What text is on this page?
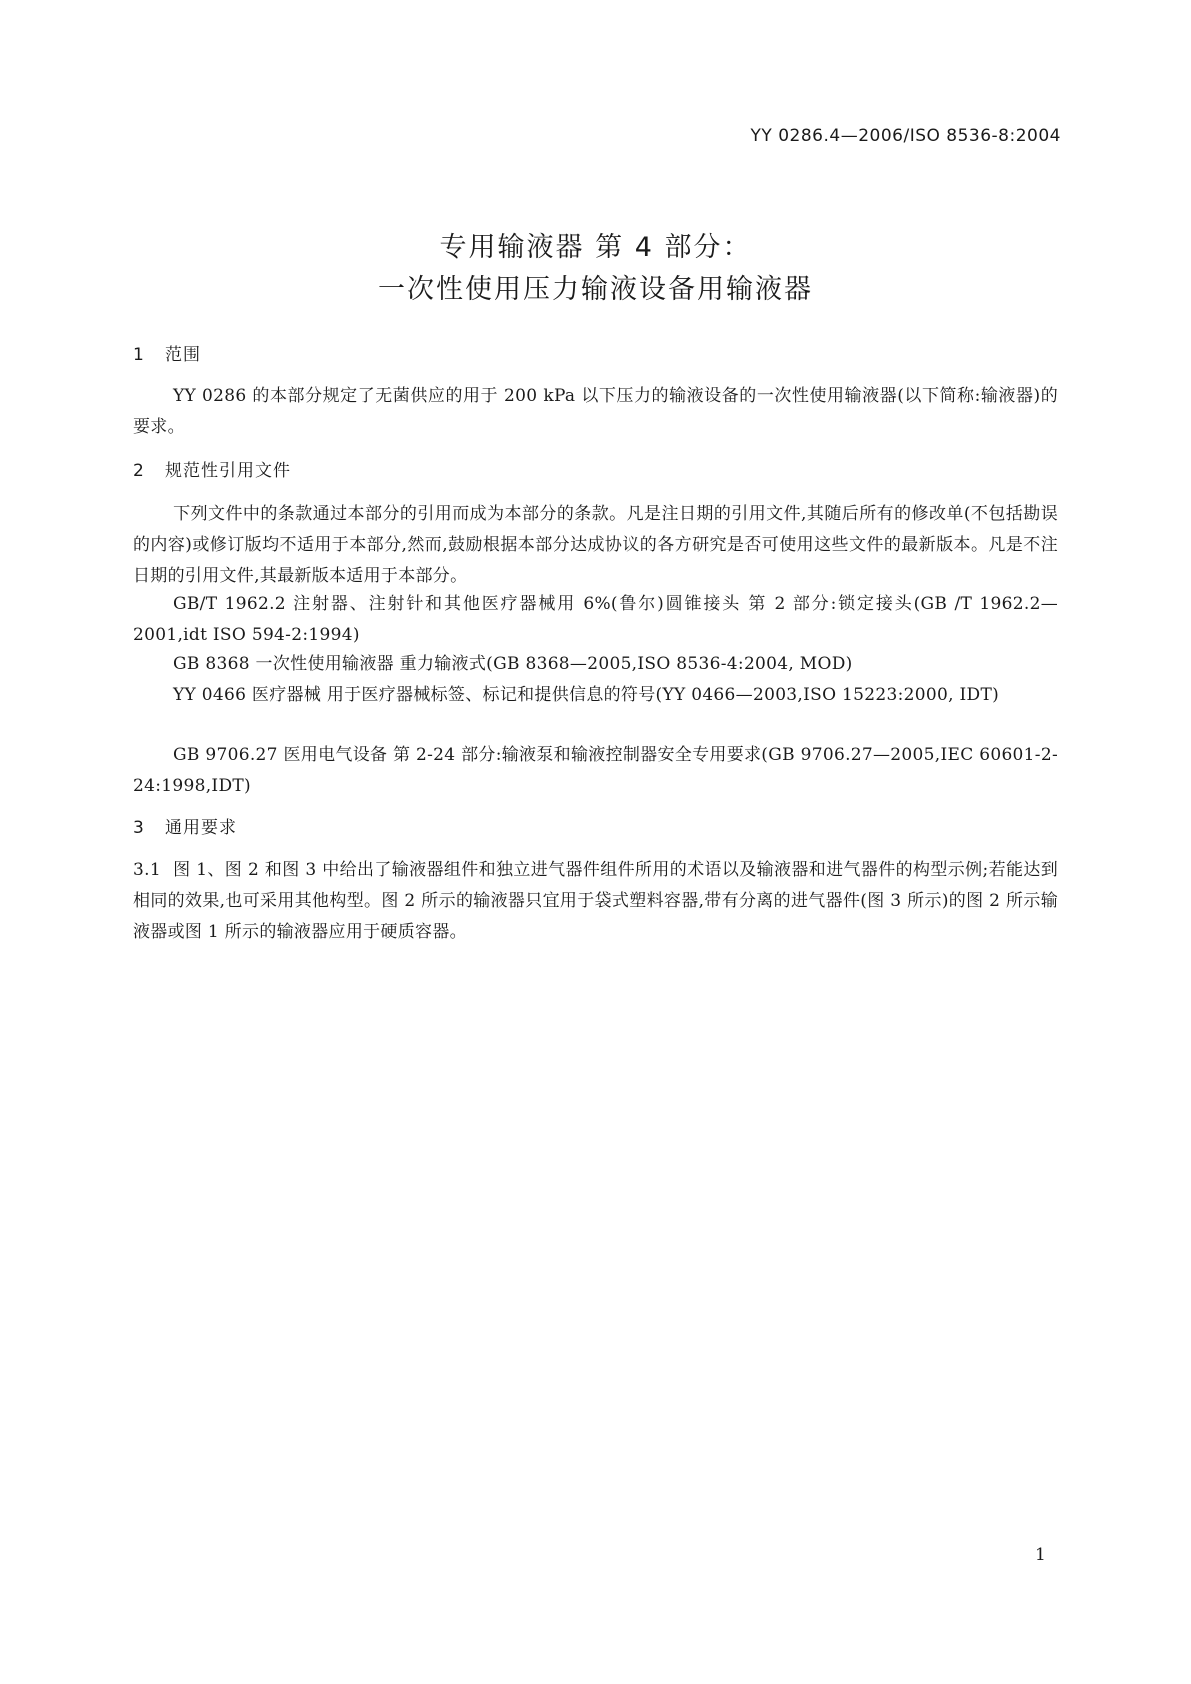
YY 0286.4—2006/ISO 8536-8:2004
专用输液器 第 4 部分：
一次性使用压力输液设备用输液器
1 范围
YY 0286 的本部分规定了无菌供应的用于 200 kPa 以下压力的输液设备的一次性使用输液器(以下简称:输液器)的要求。
2 规范性引用文件
下列文件中的条款通过本部分的引用而成为本部分的条款。凡是注日期的引用文件,其随后所有的修改单(不包括勘误的内容)或修订版均不适用于本部分,然而,鼓励根据本部分达成协议的各方研究是否可使用这些文件的最新版本。凡是不注日期的引用文件,其最新版本适用于本部分。
GB/T 1962.2 注射器、注射针和其他医疗器械用 6%(鲁尔)圆锥接头 第 2 部分:锁定接头(GB /T 1962.2—2001,idt ISO 594-2:1994)
GB 8368 一次性使用输液器 重力输液式(GB 8368—2005,ISO 8536-4:2004, MOD)
YY 0466 医疗器械 用于医疗器械标签、标记和提供信息的符号(YY 0466—2003,ISO 15223:2000, IDT)
GB 9706.27 医用电气设备 第 2-24 部分:输液泵和输液控制器安全专用要求(GB 9706.27—2005,IEC 60601-2-24:1998,IDT)
3 通用要求
3.1 图 1、图 2 和图 3 中给出了输液器组件和独立进气器件组件所用的术语以及输液器和进气器件的构型示例;若能达到相同的效果,也可采用其他构型。图 2 所示的输液器只宜用于袋式塑料容器,带有分离的进气器件(图 3 所示)的图 2 所示输液器或图 1 所示的输液器应用于硬质容器。
1
